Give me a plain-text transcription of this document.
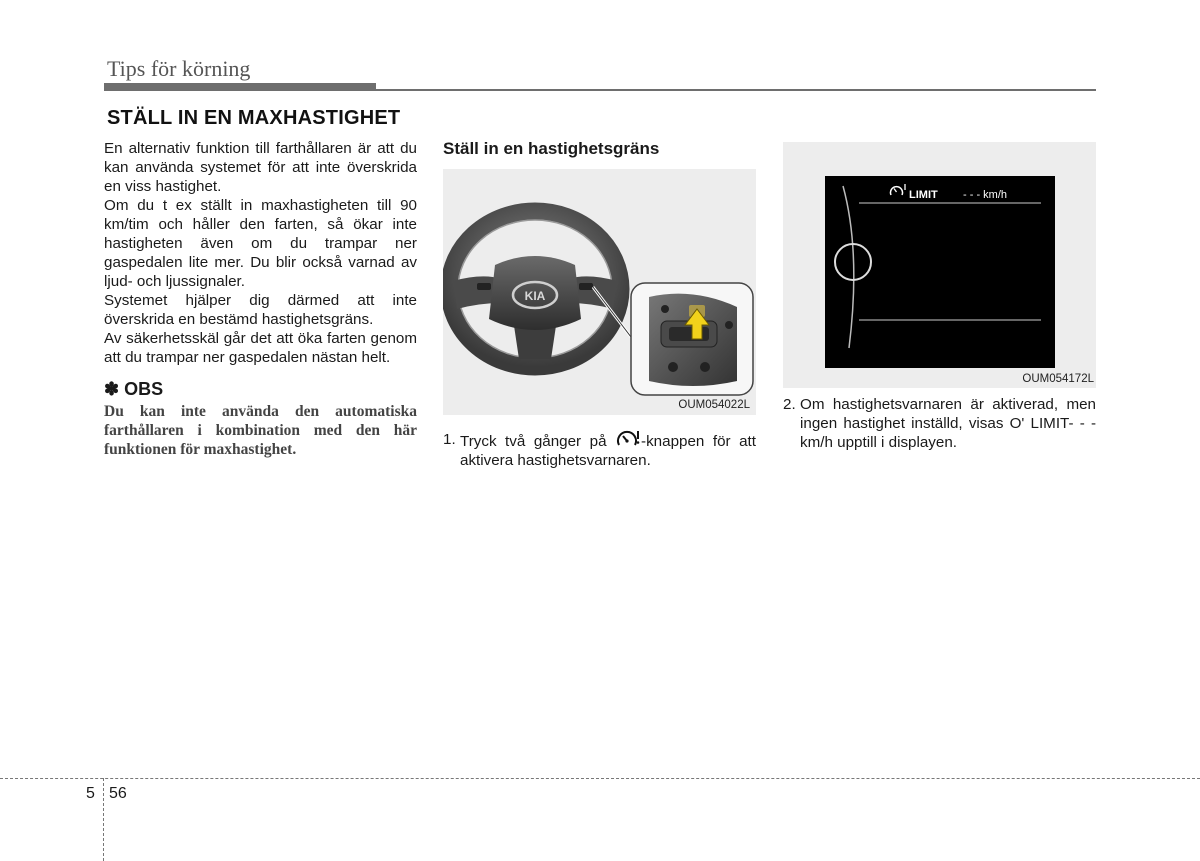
Tips för körning
STÄLL IN EN MAXHASTIGHET

En alternativ funktion till farthållaren är att du kan använda systemet för att inte överskrida en viss hastighet.

Om du t ex ställt in maxhastigheten till 90 km/tim och håller den farten, så ökar inte hastigheten även om du trampar ner gaspedalen lite mer. Du blir också varnad av ljud- och ljussignaler.

Systemet hjälper dig därmed att inte överskrida en bestämd hastighetsgräns.

Av säkerhetsskäl går det att öka farten genom att du trampar ner gaspedalen nästan helt.

✽ OBS
Du kan inte använda den automatiska farthållaren i kombination med den här funktionen för maxhastighet.
Ställ in en hastighetsgräns
KIA
OUM054022L
1. Tryck två gånger på -knappen för att aktivera hastighetsvarnaren.
LIMIT - - - km/h
OUM054172L
2. Om hastighetsvarnaren är aktiverad, men ingen hastighet inställd, visas O' LIMIT- - - km/h upptill i displayen.
5 56
